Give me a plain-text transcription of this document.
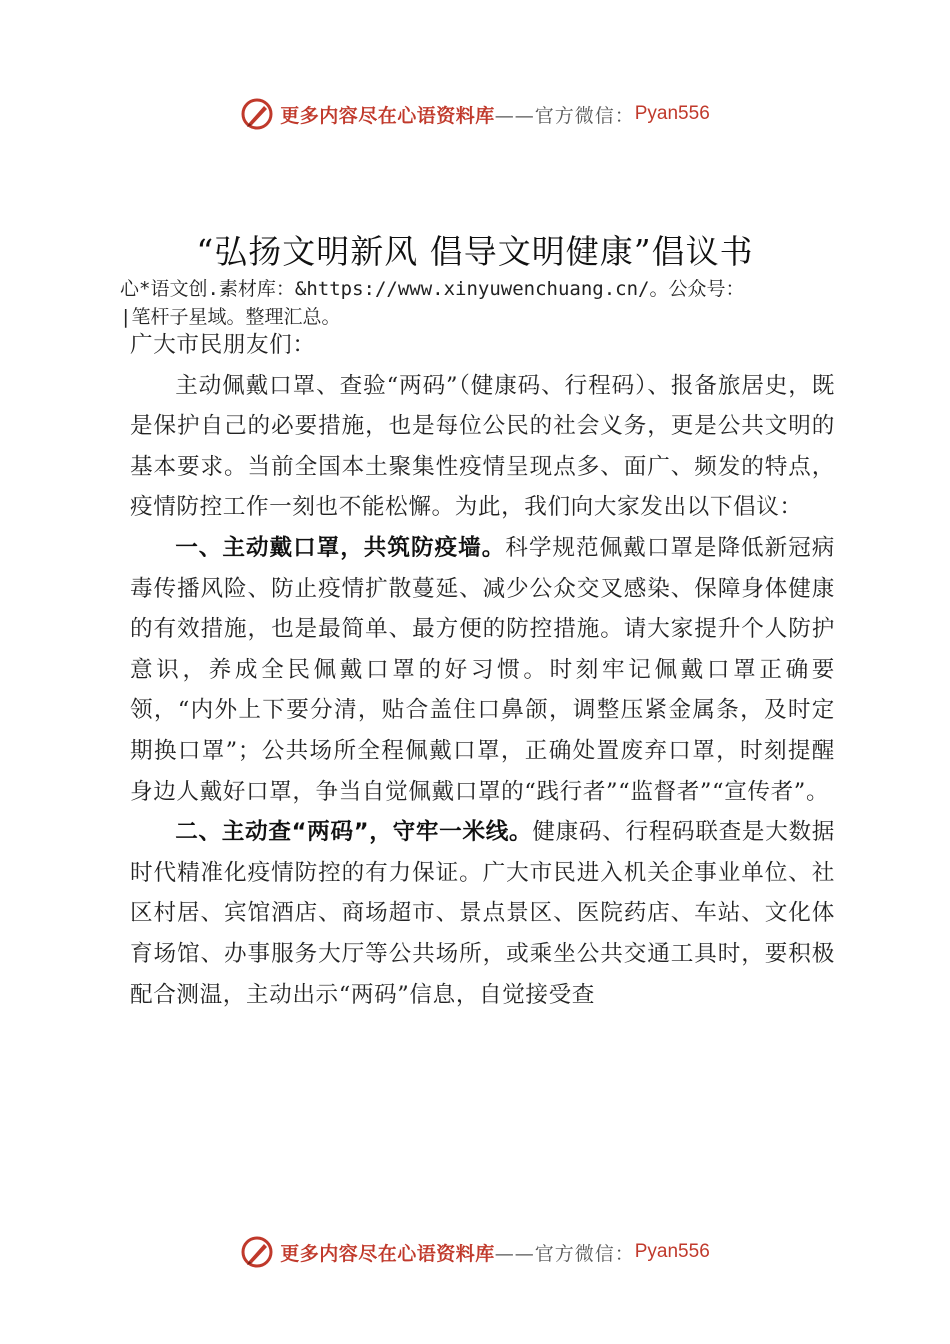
更多内容尽在心语资料库 ——官方微信： Pyan556
“弘扬文明新风 倡导文明健康”倡议书
心*语文创.素材库：&https://www.xinyuwenchuang.cn/。公众号：
|笔杆子星域。整理汇总。

广大市民朋友们：

主动佩戴口罩、查验“两码”（健康码、行程码）、报备旅居史，既是保护自己的必要措施，也是每位公民的社会义务，更是公共文明的基本要求。当前全国本土聚集性疫情呈现点多、面广、频发的特点，疫情防控工作一刻也不能松懈。为此，我们向大家发出以下倡议：

一、主动戴口罩，共筑防疫墙。科学规范佩戴口罩是降低新冠病毒传播风险、防止疫情扩散蔓延、减少公众交叉感染、保障身体健康的有效措施，也是最简单、最方便的防控措施。请大家提升个人防护意识，养成全民佩戴口罩的好习惯。时刻牢记佩戴口罩正确要领，“内外上下要分清，贴合盖住口鼻颌，调整压紧金属条，及时定期换口罩”；公共场所全程佩戴口罩，正确处置废弃口罩，时刻提醒身边人戴好口罩，争当自觉佩戴口罩的“践行者”“监督者”“宣传者”。

二、主动查“两码”，守牢一米线。健康码、行程码联查是大数据时代精准化疫情防控的有力保证。广大市民进入机关企事业单位、社区村居、宾馆酒店、商场超市、景点景区、医院药店、车站、文化体育场馆、办事服务大厅等公共场所，或乘坐公共交通工具时，要积极配合测温，主动出示“两码”信息，自觉接受查

更多内容尽在心语资料库 ——官方微信： Pyan556
